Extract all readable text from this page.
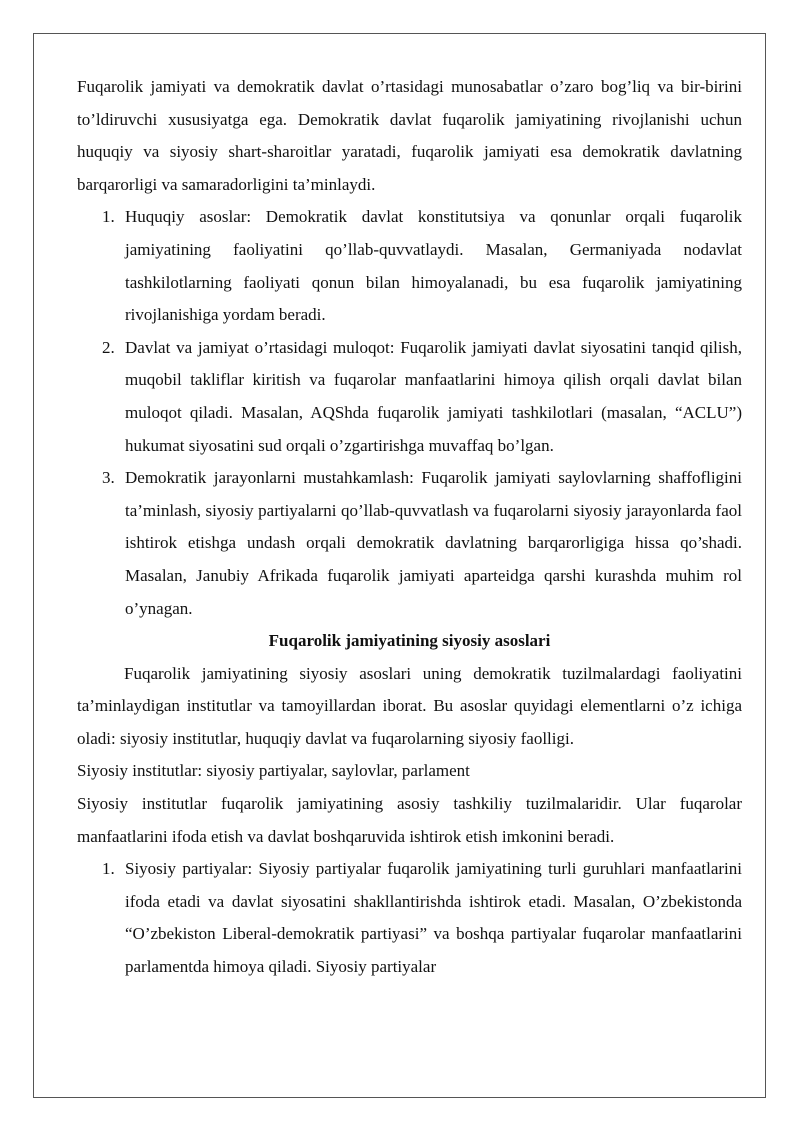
Fuqarolik jamiyati va demokratik davlat o’rtasidagi munosabatlar o’zaro bog’liq va bir-birini to’ldiruvchi xususiyatga ega. Demokratik davlat fuqarolik jamiyatining rivojlanishi uchun huquqiy va siyosiy shart-sharoitlar yaratadi, fuqarolik jamiyati esa demokratik davlatning barqarorligi va samaradorligini ta’minlaydi.

1. Huquqiy asoslar: Demokratik davlat konstitutsiya va qonunlar orqali fuqarolik jamiyatining faoliyatini qo’llab-quvvatlaydi. Masalan, Germaniyada nodavlat tashkilotlarning faoliyati qonun bilan himoyalanadi, bu esa fuqarolik jamiyatining rivojlanishiga yordam beradi.
2. Davlat va jamiyat o’rtasidagi muloqot: Fuqarolik jamiyati davlat siyosatini tanqid qilish, muqobil takliflar kiritish va fuqarolar manfaatlarini himoya qilish orqali davlat bilan muloqot qiladi. Masalan, AQShda fuqarolik jamiyati tashkilotlari (masalan, “ACLU”) hukumat siyosatini sud orqali o’zgartirishga muvaffaq bo’lgan.
3. Demokratik jarayonlarni mustahkamlash: Fuqarolik jamiyati saylovlarning shaffofligini ta’minlash, siyosiy partiyalarni qo’llab-quvvatlash va fuqarolarni siyosiy jarayonlarda faol ishtirok etishga undash orqali demokratik davlatning barqarorligiga hissa qo’shadi. Masalan, Janubiy Afrikada fuqarolik jamiyati aparteidga qarshi kurashda muhim rol o’ynagan.
Fuqarolik jamiyatining siyosiy asoslari

Fuqarolik jamiyatining siyosiy asoslari uning demokratik tuzilmalardagi faoliyatini ta’minlaydigan institutlar va tamoyillardan iborat. Bu asoslar quyidagi elementlarni o’z ichiga oladi: siyosiy institutlar, huquqiy davlat va fuqarolarning siyosiy faolligi.

Siyosiy institutlar: siyosiy partiyalar, saylovlar, parlament

Siyosiy institutlar fuqarolik jamiyatining asosiy tashkiliy tuzilmalaridir. Ular fuqarolar manfaatlarini ifoda etish va davlat boshqaruvida ishtirok etish imkonini beradi.

1. Siyosiy partiyalar: Siyosiy partiyalar fuqarolik jamiyatining turli guruhlari manfaatlarini ifoda etadi va davlat siyosatini shakllantirishda ishtirok etadi. Masalan, O’zbekistonda “O’zbekiston Liberal-demokratik partiyasi” va boshqa partiyalar fuqarolar manfaatlarini parlamentda himoya qiladi. Siyosiy partiyalar
